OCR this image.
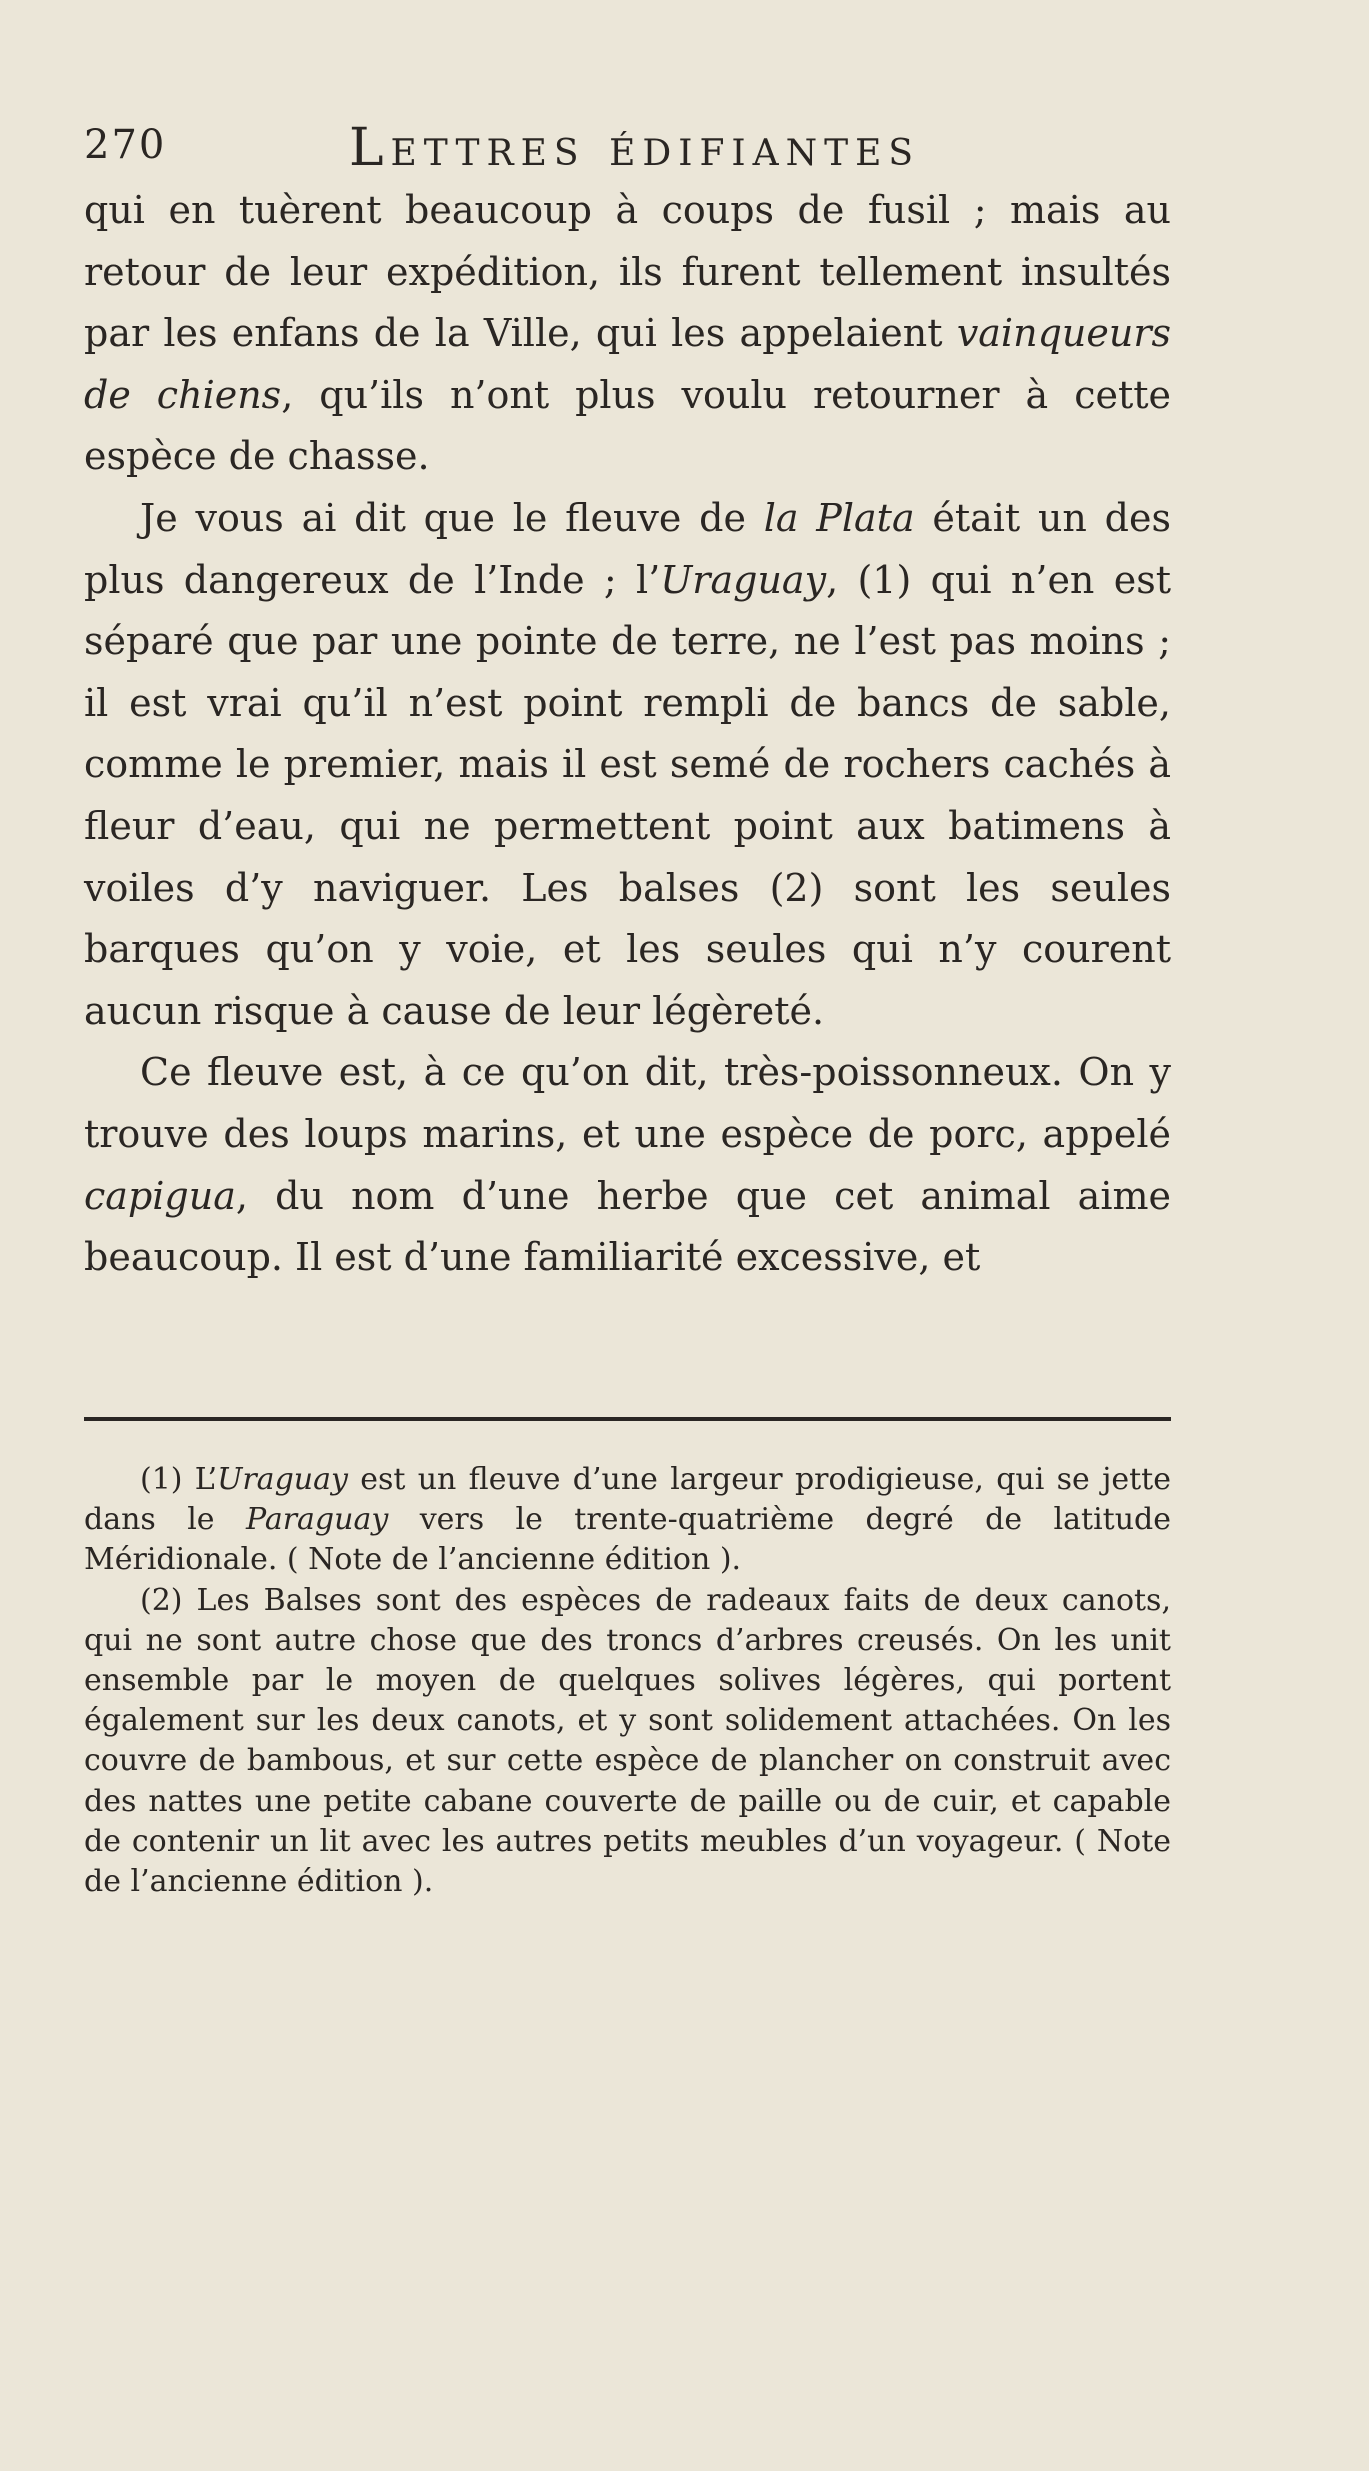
270	Lettres édifiantes

qui en tuèrent beaucoup à coups de fusil ; mais au retour de leur expédition, ils furent tellement insultés par les enfans de la Ville, qui les appelaient vainqueurs de chiens, qu’ils n’ont plus voulu retourner à cette espèce de chasse.

Je vous ai dit que le fleuve de la Plata était un des plus dangereux de l’Inde ; l’Uraguay, (1) qui n’en est séparé que par une pointe de terre, ne l’est pas moins ; il est vrai qu’il n’est point rempli de bancs de sable, comme le premier, mais il est semé de rochers cachés à fleur d’eau, qui ne permettent point aux batimens à voiles d’y naviguer. Les balses (2) sont les seules barques qu’on y voie, et les seules qui n’y courent aucun risque à cause de leur légèreté.

Ce fleuve est, à ce qu’on dit, très-poissonneux. On y trouve des loups marins, et une espèce de porc, appelé capigua, du nom d’une herbe que cet animal aime beaucoup. Il est d’une familiarité excessive, et

(1) L’Uraguay est un fleuve d’une largeur prodigieuse, qui se jette dans le Paraguay vers le trente-quatrième degré de latitude Méridionale. ( Note de l’ancienne édition ).

(2) Les Balses sont des espèces de radeaux faits de deux canots, qui ne sont autre chose que des troncs d’arbres creusés. On les unit ensemble par le moyen de quelques solives légères, qui portent également sur les deux canots, et y sont solidement attachées. On les couvre de bambous, et sur cette espèce de plancher on construit avec des nattes une petite cabane couverte de paille ou de cuir, et capable de contenir un lit avec les autres petits meubles d’un voyageur. ( Note de l’ancienne édition ).
